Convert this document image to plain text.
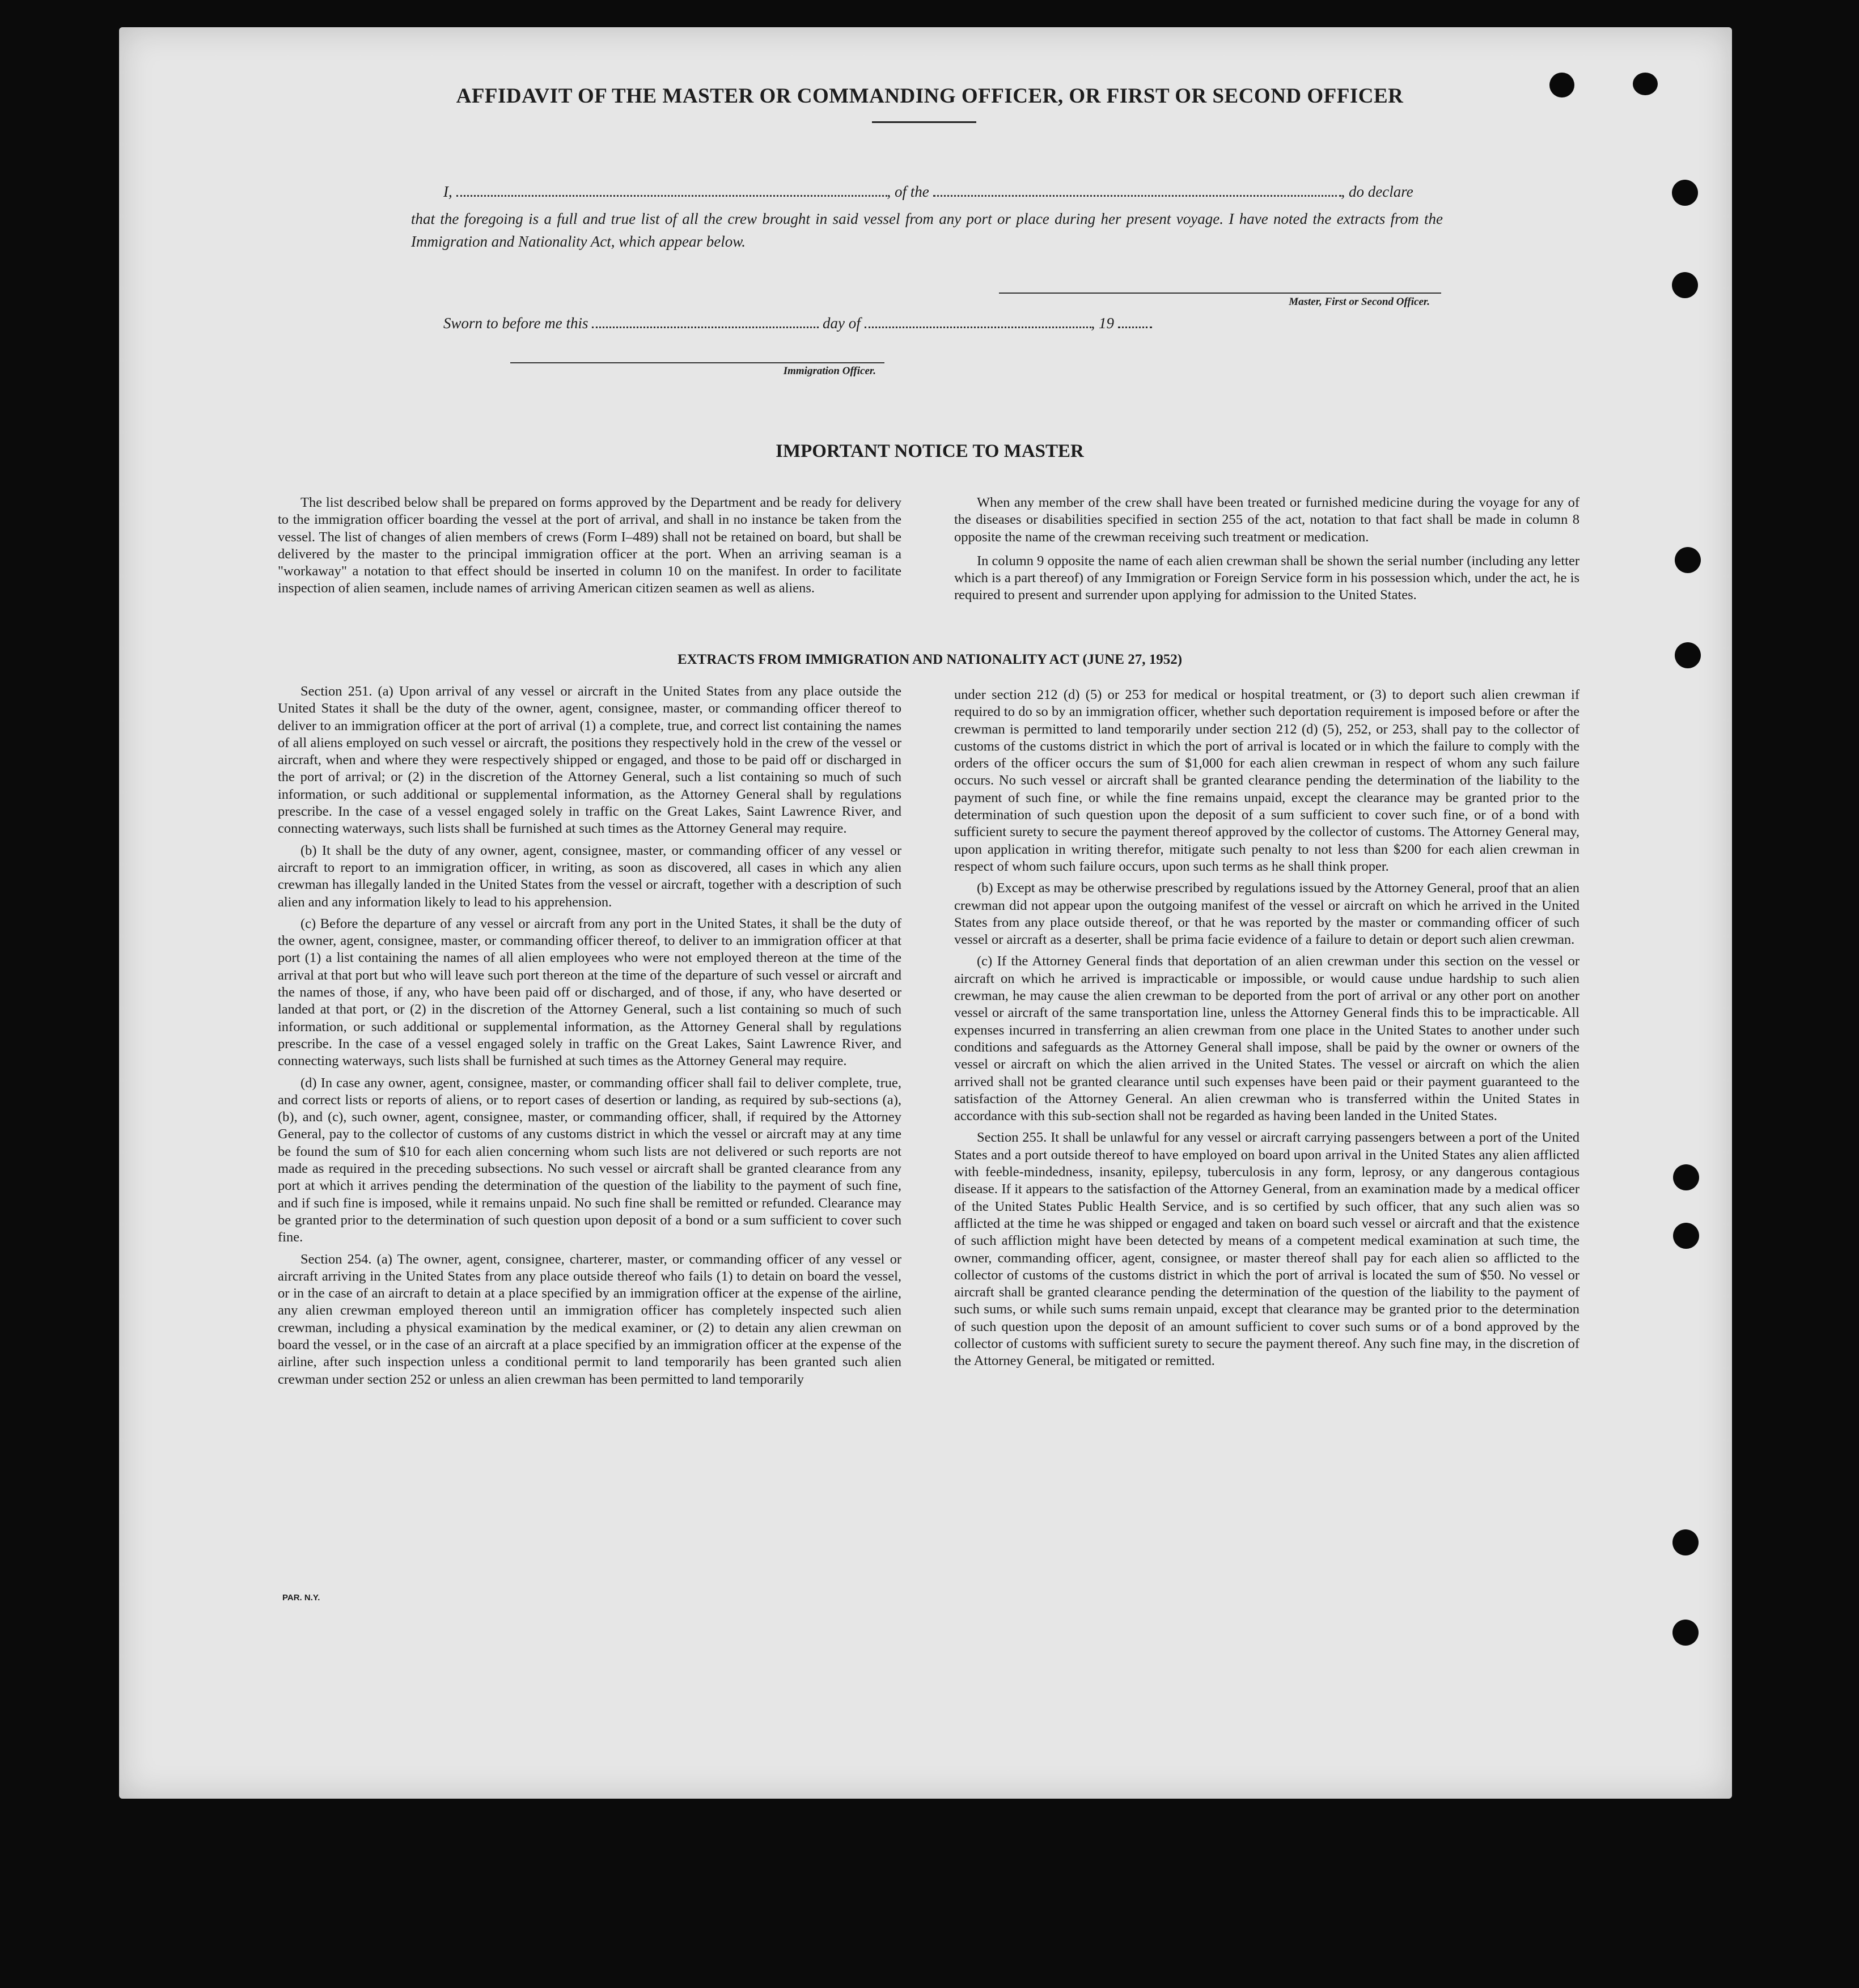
AFFIDAVIT OF THE MASTER OR COMMANDING OFFICER, OR FIRST OR SECOND OFFICER
I,	, of the	, do declare
that the foregoing is a full and true list of all the crew brought in said vessel from any port or place during her present voyage. I have noted the extracts from the Immigration and Nationality Act, which appear below.
Master, First or Second Officer.
Sworn to before me this	day of	, 19
Immigration Officer.
IMPORTANT NOTICE TO MASTER

The list described below shall be prepared on forms approved by the Department and be ready for delivery to the immigration officer boarding the vessel at the port of arrival, and shall in no instance be taken from the vessel. The list of changes of alien members of crews (Form I–489) shall not be retained on board, but shall be delivered by the master to the principal immigration officer at the port. When an arriving seaman is a "workaway" a notation to that effect should be inserted in column 10 on the manifest. In order to facilitate inspection of alien seamen, include names of arriving American citizen seamen as well as aliens.

When any member of the crew shall have been treated or furnished medicine during the voyage for any of the diseases or disabilities specified in section 255 of the act, notation to that fact shall be made in column 8 opposite the name of the crewman receiving such treatment or medication.

In column 9 opposite the name of each alien crewman shall be shown the serial number (including any letter which is a part thereof) of any Immigration or Foreign Service form in his possession which, under the act, he is required to present and surrender upon applying for admission to the United States.

EXTRACTS FROM IMMIGRATION AND NATIONALITY ACT (JUNE 27, 1952)

Section 251. (a) Upon arrival of any vessel or aircraft in the United States from any place outside the United States it shall be the duty of the owner, agent, consignee, master, or commanding officer thereof to deliver to an immigration officer at the port of arrival (1) a complete, true, and correct list containing the names of all aliens employed on such vessel or aircraft, the positions they respectively hold in the crew of the vessel or aircraft, when and where they were respectively shipped or engaged, and those to be paid off or discharged in the port of arrival; or (2) in the discretion of the Attorney General, such a list containing so much of such information, or such additional or supplemental information, as the Attorney General shall by regulations prescribe. In the case of a vessel engaged solely in traffic on the Great Lakes, Saint Lawrence River, and connecting waterways, such lists shall be furnished at such times as the Attorney General may require.

(b) It shall be the duty of any owner, agent, consignee, master, or commanding officer of any vessel or aircraft to report to an immigration officer, in writing, as soon as discovered, all cases in which any alien crewman has illegally landed in the United States from the vessel or aircraft, together with a description of such alien and any information likely to lead to his apprehension.

(c) Before the departure of any vessel or aircraft from any port in the United States, it shall be the duty of the owner, agent, consignee, master, or commanding officer thereof, to deliver to an immigration officer at that port (1) a list containing the names of all alien employees who were not employed thereon at the time of the arrival at that port but who will leave such port thereon at the time of the departure of such vessel or aircraft and the names of those, if any, who have been paid off or discharged, and of those, if any, who have deserted or landed at that port, or (2) in the discretion of the Attorney General, such a list containing so much of such information, or such additional or supplemental information, as the Attorney General shall by regulations prescribe. In the case of a vessel engaged solely in traffic on the Great Lakes, Saint Lawrence River, and connecting waterways, such lists shall be furnished at such times as the Attorney General may require.

(d) In case any owner, agent, consignee, master, or commanding officer shall fail to deliver complete, true, and correct lists or reports of aliens, or to report cases of desertion or landing, as required by sub-sections (a), (b), and (c), such owner, agent, consignee, master, or commanding officer, shall, if required by the Attorney General, pay to the collector of customs of any customs district in which the vessel or aircraft may at any time be found the sum of $10 for each alien concerning whom such lists are not delivered or such reports are not made as required in the preceding subsections. No such vessel or aircraft shall be granted clearance from any port at which it arrives pending the determination of the question of the liability to the payment of such fine, and if such fine is imposed, while it remains unpaid. No such fine shall be remitted or refunded. Clearance may be granted prior to the determination of such question upon deposit of a bond or a sum sufficient to cover such fine.

Section 254. (a) The owner, agent, consignee, charterer, master, or commanding officer of any vessel or aircraft arriving in the United States from any place outside thereof who fails (1) to detain on board the vessel, or in the case of an aircraft to detain at a place specified by an immigration officer at the expense of the airline, any alien crewman employed thereon until an immigration officer has completely inspected such alien crewman, including a physical examination by the medical examiner, or (2) to detain any alien crewman on board the vessel, or in the case of an aircraft at a place specified by an immigration officer at the expense of the airline, after such inspection unless a conditional permit to land temporarily has been granted such alien crewman under section 252 or unless an alien crewman has been permitted to land temporarily

under section 212 (d) (5) or 253 for medical or hospital treatment, or (3) to deport such alien crewman if required to do so by an immigration officer, whether such deportation requirement is imposed before or after the crewman is permitted to land temporarily under section 212 (d) (5), 252, or 253, shall pay to the collector of customs of the customs district in which the port of arrival is located or in which the failure to comply with the orders of the officer occurs the sum of $1,000 for each alien crewman in respect of whom any such failure occurs. No such vessel or aircraft shall be granted clearance pending the determination of the liability to the payment of such fine, or while the fine remains unpaid, except the clearance may be granted prior to the determination of such question upon the deposit of a sum sufficient to cover such fine, or of a bond with sufficient surety to secure the payment thereof approved by the collector of customs. The Attorney General may, upon application in writing therefor, mitigate such penalty to not less than $200 for each alien crewman in respect of whom such failure occurs, upon such terms as he shall think proper.

(b) Except as may be otherwise prescribed by regulations issued by the Attorney General, proof that an alien crewman did not appear upon the outgoing manifest of the vessel or aircraft on which he arrived in the United States from any place outside thereof, or that he was reported by the master or commanding officer of such vessel or aircraft as a deserter, shall be prima facie evidence of a failure to detain or deport such alien crewman.

(c) If the Attorney General finds that deportation of an alien crewman under this section on the vessel or aircraft on which he arrived is impracticable or impossible, or would cause undue hardship to such alien crewman, he may cause the alien crewman to be deported from the port of arrival or any other port on another vessel or aircraft of the same transportation line, unless the Attorney General finds this to be impracticable. All expenses incurred in transferring an alien crewman from one place in the United States to another under such conditions and safeguards as the Attorney General shall impose, shall be paid by the owner or owners of the vessel or aircraft on which the alien arrived in the United States. The vessel or aircraft on which the alien arrived shall not be granted clearance until such expenses have been paid or their payment guaranteed to the satisfaction of the Attorney General. An alien crewman who is transferred within the United States in accordance with this sub-section shall not be regarded as having been landed in the United States.

Section 255. It shall be unlawful for any vessel or aircraft carrying passengers between a port of the United States and a port outside thereof to have employed on board upon arrival in the United States any alien afflicted with feeble-mindedness, insanity, epilepsy, tuberculosis in any form, leprosy, or any dangerous contagious disease. If it appears to the satisfaction of the Attorney General, from an examination made by a medical officer of the United States Public Health Service, and is so certified by such officer, that any such alien was so afflicted at the time he was shipped or engaged and taken on board such vessel or aircraft and that the existence of such affliction might have been detected by means of a competent medical examination at such time, the owner, commanding officer, agent, consignee, or master thereof shall pay for each alien so afflicted to the collector of customs of the customs district in which the port of arrival is located the sum of $50. No vessel or aircraft shall be granted clearance pending the determination of the question of the liability to the payment of such sums, or while such sums remain unpaid, except that clearance may be granted prior to the determination of such question upon the deposit of an amount sufficient to cover such sums or of a bond approved by the collector of customs with sufficient surety to secure the payment thereof. Any such fine may, in the discretion of the Attorney General, be mitigated or remitted.

PAR. N.Y.
